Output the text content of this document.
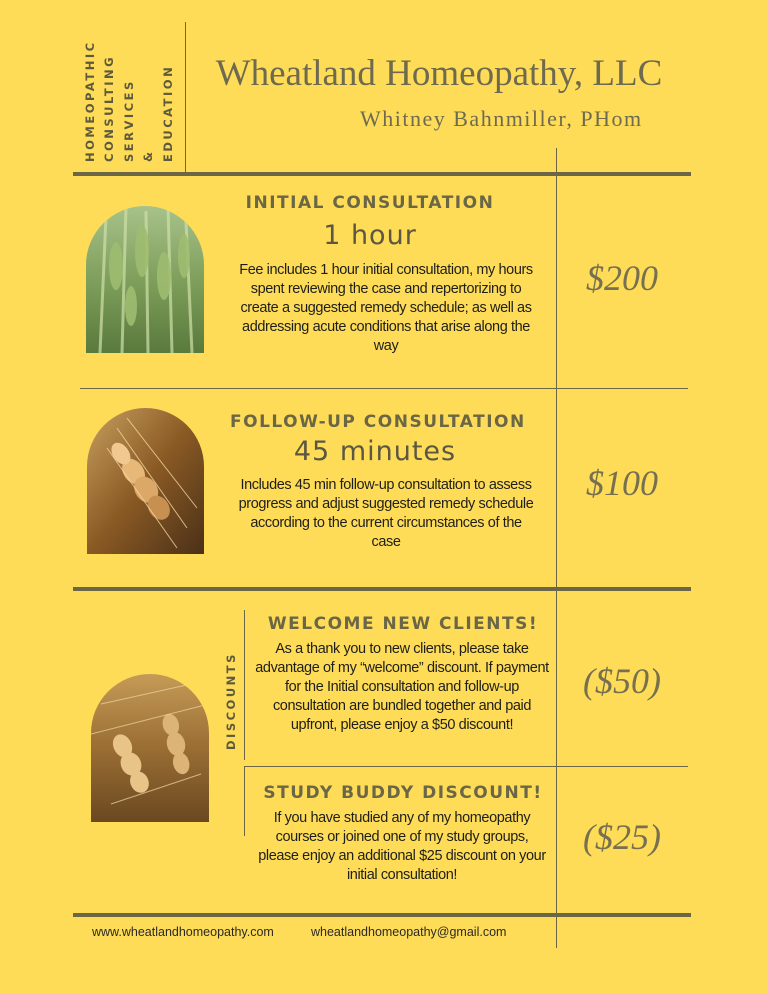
HOMEOPATHIC CONSULTING SERVICES & EDUCATION	Wheatland Homeopathy, LLC
Whitney Bahnmiller, PHom
INITIAL CONSULTATION
1 hour
Fee includes 1 hour initial consultation, my hours spent reviewing the case and repertorizing to create a suggested remedy schedule; as well as addressing acute conditions that arise along the way
$200
FOLLOW-UP CONSULTATION
45 minutes
Includes 45 min follow-up consultation to assess progress and adjust suggested remedy schedule according to the current circumstances of the case
$100
DISCOUNTS
WELCOME NEW CLIENTS!
As a thank you to new clients, please take advantage of my “welcome” discount. If payment for the Initial consultation and follow-up consultation are bundled together and paid upfront, please enjoy a $50 discount!
($50)
STUDY BUDDY DISCOUNT!
If you have studied any of my homeopathy courses or joined one of my study groups, please enjoy an additional $25 discount on your initial consultation!
($25)
www.wheatlandhomeopathy.com	wheatlandhomeopathy@gmail.com
